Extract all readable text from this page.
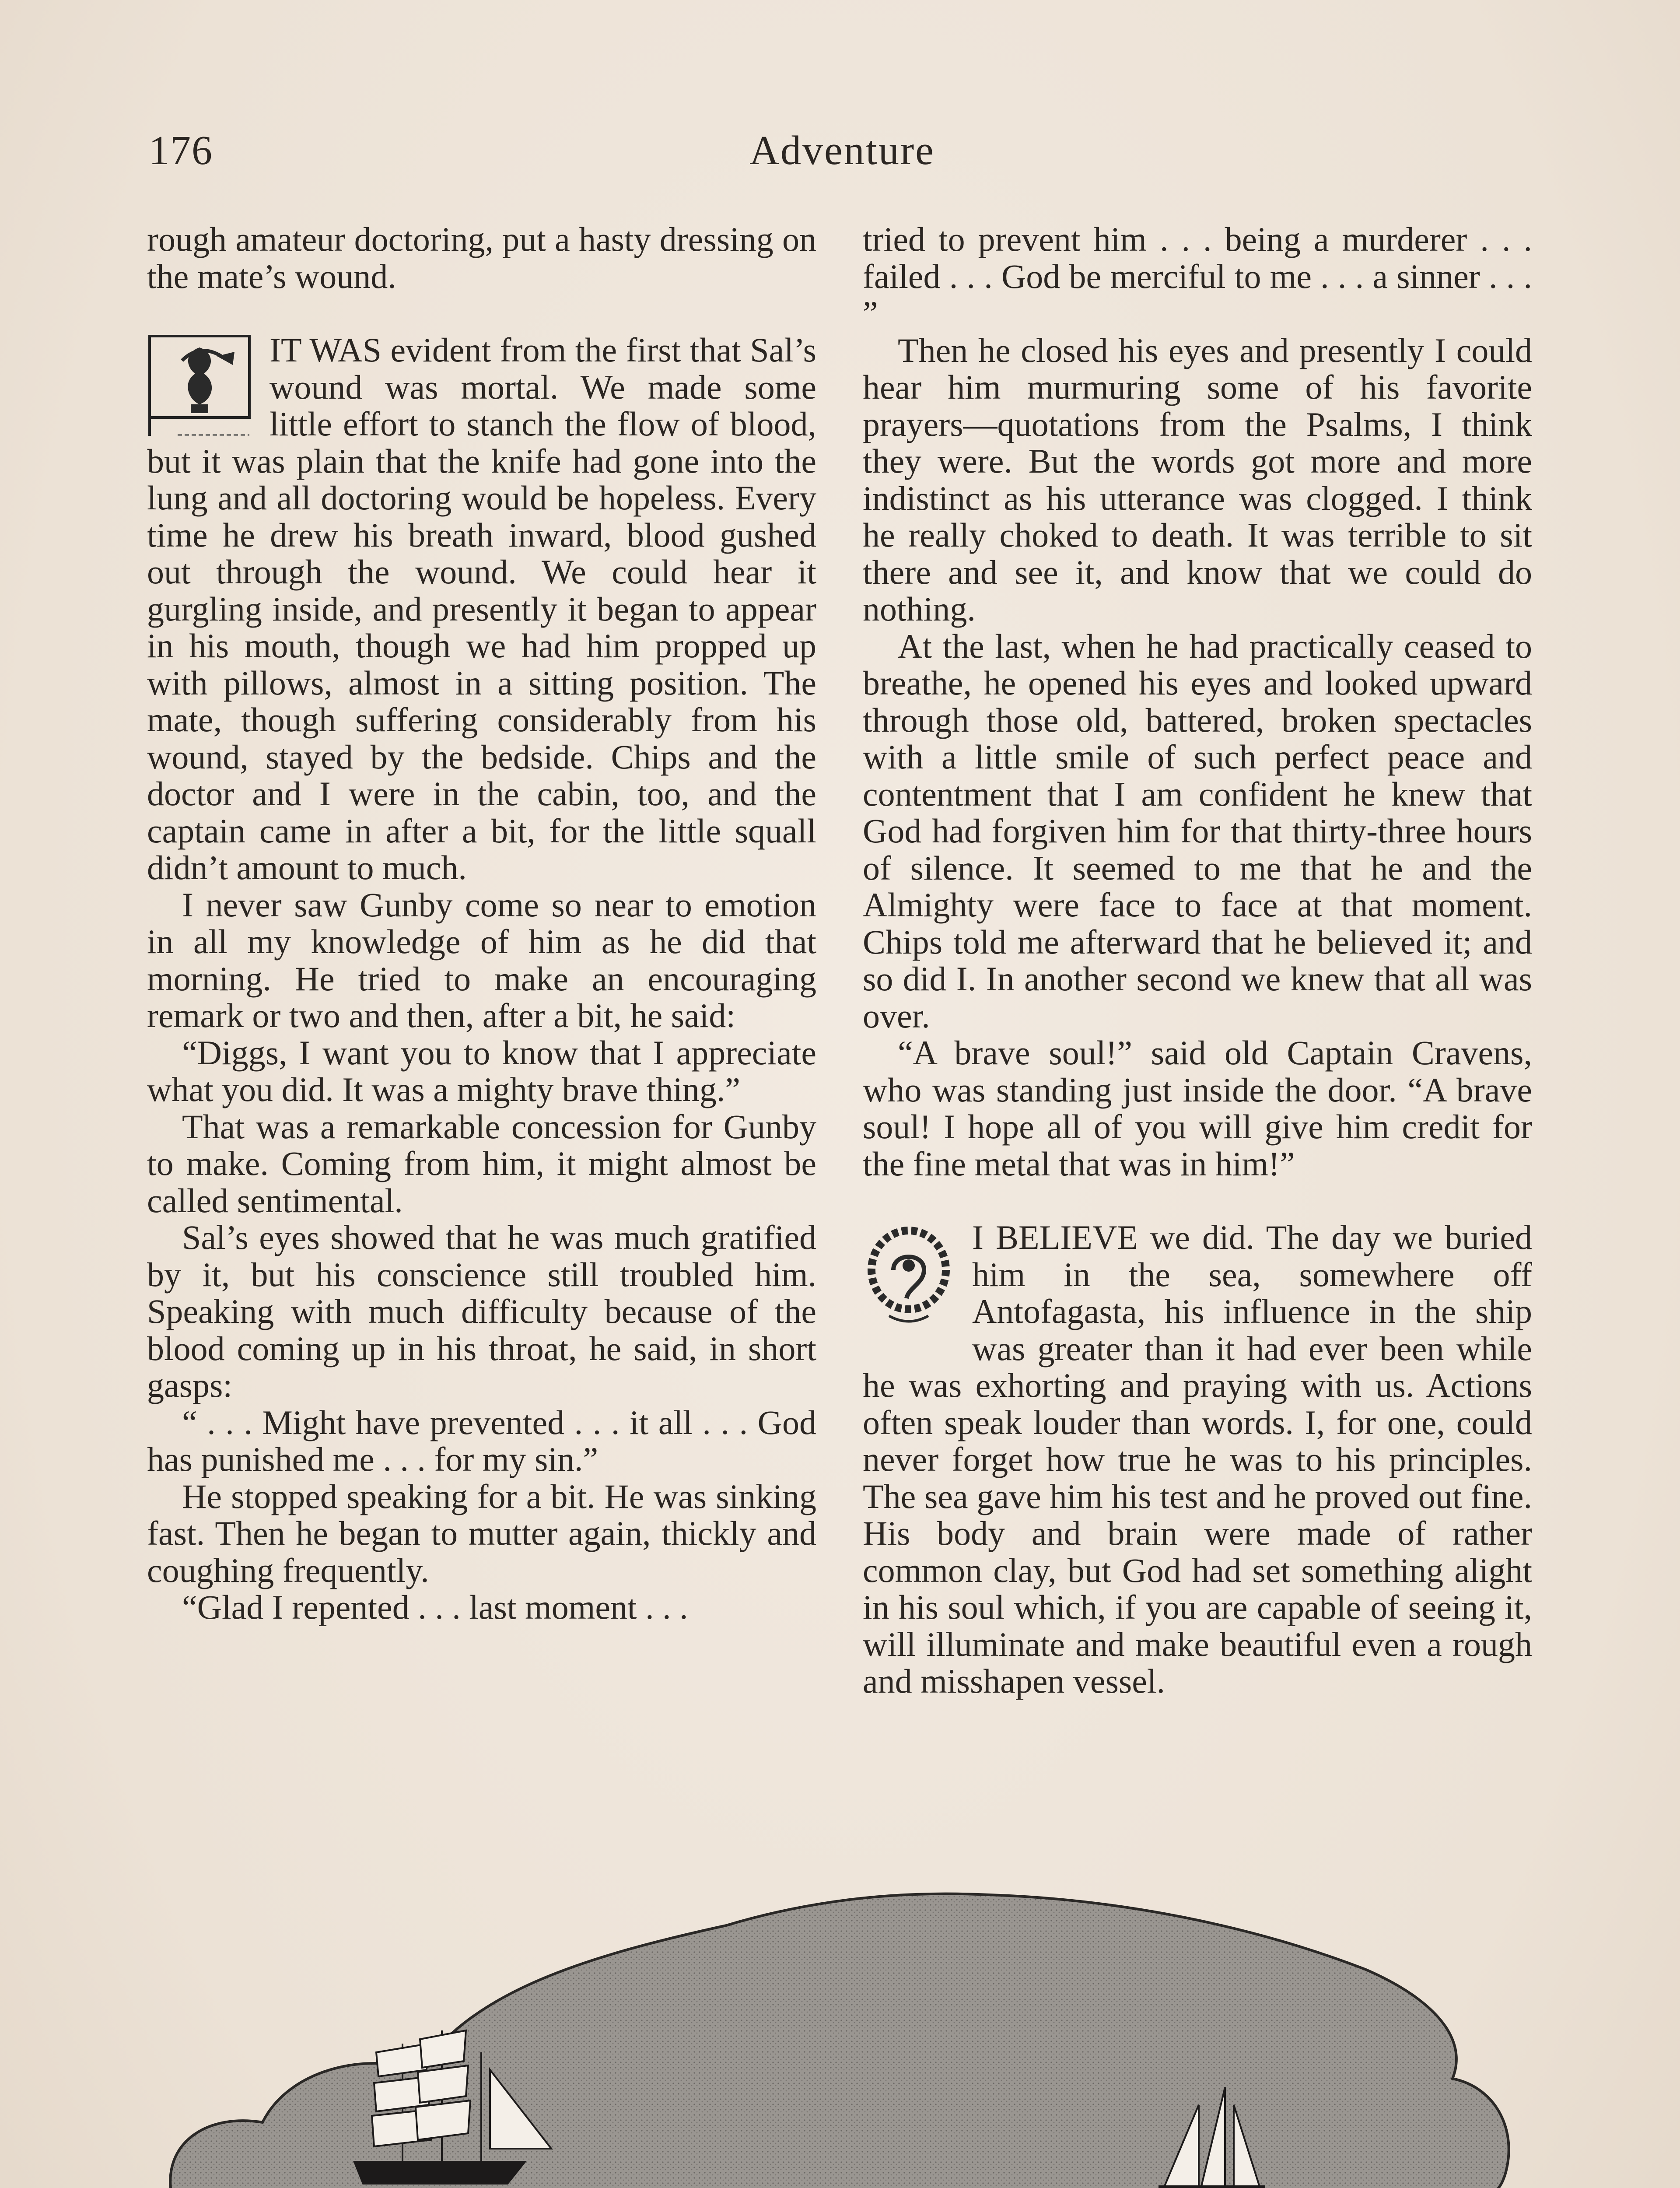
176	Adventure

rough amateur doctoring, put a hasty dressing on the mate’s wound.

IT WAS evident from the first that Sal’s wound was mortal. We made some little effort to stanch the flow of blood, but it was plain that the knife had gone into the lung and all doctoring would be hopeless. Every time he drew his breath inward, blood gushed out through the wound. We could hear it gurgling inside, and presently it began to appear in his mouth, though we had him propped up with pillows, almost in a sitting position. The mate, though suffering considerably from his wound, stayed by the bedside. Chips and the doctor and I were in the cabin, too, and the captain came in after a bit, for the little squall didn’t amount to much.

I never saw Gunby come so near to emotion in all my knowledge of him as he did that morning. He tried to make an encouraging remark or two and then, after a bit, he said:

“Diggs, I want you to know that I appreciate what you did. It was a mighty brave thing.”

That was a remarkable concession for Gunby to make. Coming from him, it might almost be called sentimental.

Sal’s eyes showed that he was much gratified by it, but his conscience still troubled him. Speaking with much difficulty because of the blood coming up in his throat, he said, in short gasps:

“ . . . Might have prevented . . . it all . . . God has punished me . . . for my sin.”

He stopped speaking for a bit. He was sinking fast. Then he began to mutter again, thickly and coughing frequently.

“Glad I repented . . . last moment . . .

tried to prevent him . . . being a murderer . . . failed . . . God be merciful to me . . . a sinner . . . ”

Then he closed his eyes and presently I could hear him murmuring some of his favorite prayers—quotations from the Psalms, I think they were. But the words got more and more indistinct as his utterance was clogged. I think he really choked to death. It was terrible to sit there and see it, and know that we could do nothing.

At the last, when he had practically ceased to breathe, he opened his eyes and looked upward through those old, battered, broken spectacles with a little smile of such perfect peace and contentment that I am confident he knew that God had forgiven him for that thirty-three hours of silence. It seemed to me that he and the Almighty were face to face at that moment. Chips told me afterward that he believed it; and so did I. In another second we knew that all was over.

“A brave soul!” said old Captain Cravens, who was standing just inside the door. “A brave soul! I hope all of you will give him credit for the fine metal that was in him!”

I BELIEVE we did. The day we buried him in the sea, somewhere off Antofagasta, his influence in the ship was greater than it had ever been while he was exhorting and praying with us. Actions often speak louder than words. I, for one, could never forget how true he was to his principles. The sea gave him his test and he proved out fine. His body and brain were made of rather common clay, but God had set something alight in his soul which, if you are capable of seeing it, will illuminate and make beautiful even a rough and misshapen vessel.
